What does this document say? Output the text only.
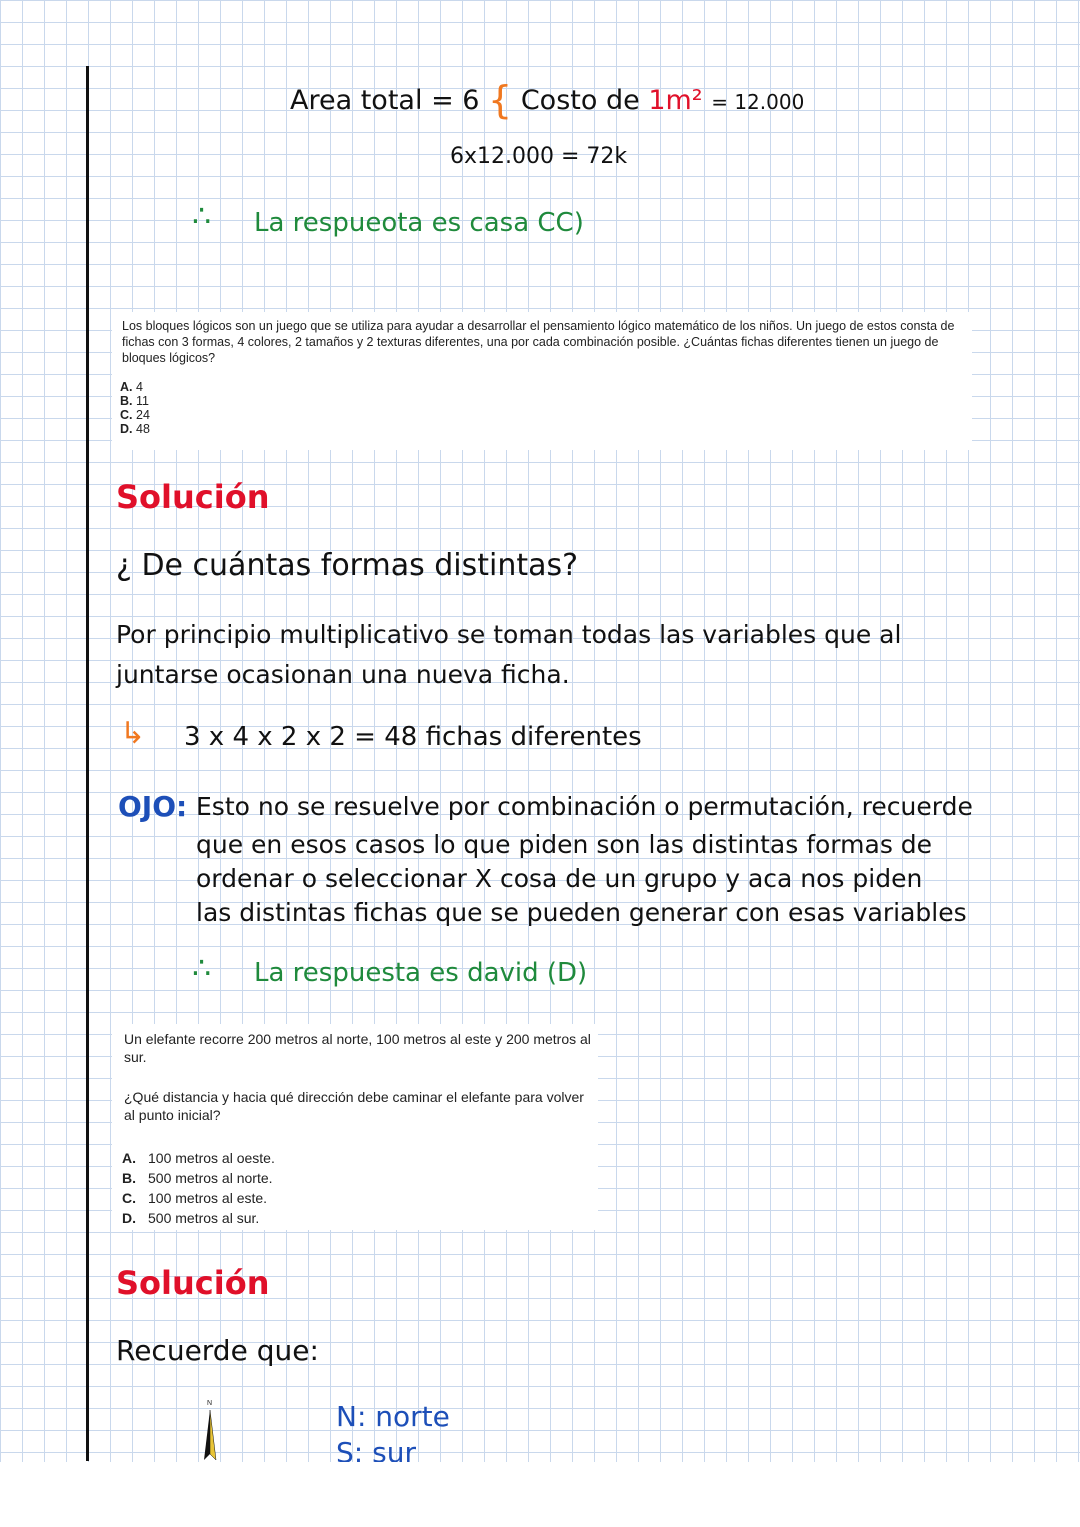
Area total = 6 { Costo de 1m² = 12.000
6x12.000 = 72k
∴ La respueota es casa CC)
Los bloques lógicos son un juego que se utiliza para ayudar a desarrollar el pensamiento lógico matemático de los niños. Un juego de estos consta de fichas con 3 formas, 4 colores, 2 tamaños y 2 texturas diferentes, una por cada combinación posible. ¿Cuántas fichas diferentes tienen un juego de bloques lógicos?
A. 4
B. 11
C. 24
D. 48
Solución
¿ De cuántas formas distintas?
Por principio multiplicativo se toman todas las variables que al
juntarse ocasionan una nueva ficha.
↳ 3 x 4 x 2 x 2 = 48 fichas diferentes
OJO: Esto no se resuelve por combinación o permutación, recuerde
que en esos casos lo que piden son las distintas formas de
ordenar o seleccionar X cosa de un grupo y aca nos piden
las distintas fichas que se pueden generar con esas variables
∴ La respuesta es david (D)
Un elefante recorre 200 metros al norte, 100 metros al este y 200 metros al sur.
¿Qué distancia y hacia qué dirección debe caminar el elefante para volver al punto inicial?
A. 100 metros al oeste.
B. 500 metros al norte.
C. 100 metros al este.
D. 500 metros al sur.
Solución
Recuerde que:
N	N: norte
S: sur
